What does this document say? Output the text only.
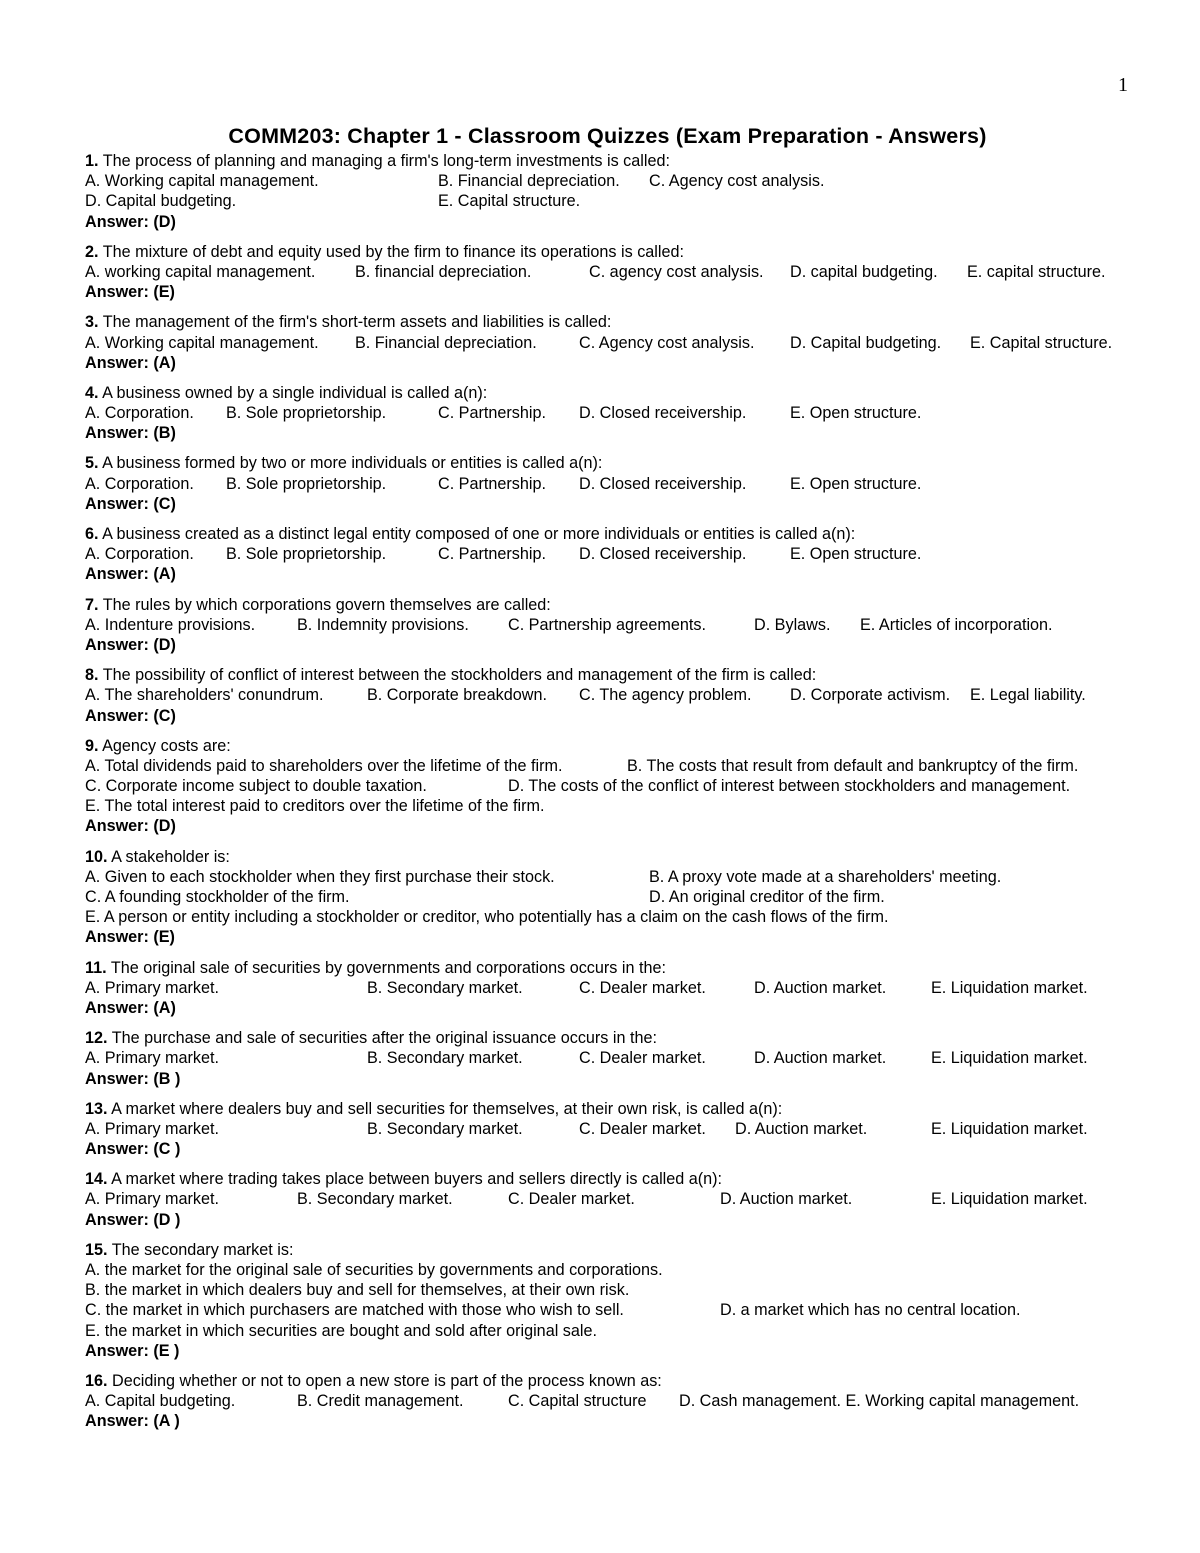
1
COMM203: Chapter 1 - Classroom Quizzes (Exam Preparation - Answers)
1. The process of planning and managing a firm's long-term investments is called:
A. Working capital management.	B. Financial depreciation. C. Agency cost analysis.
D. Capital budgeting.	E. Capital structure.
Answer: (D)
2. The mixture of debt and equity used by the firm to finance its operations is called:
A. working capital management. B. financial depreciation.	C. agency cost analysis. D. capital budgeting. E. capital structure.
Answer: (E)
3. The management of the firm's short-term assets and liabilities is called:
A. Working capital management. B. Financial depreciation.	C. Agency cost analysis. D. Capital budgeting. E. Capital structure.
Answer: (A)
4. A business owned by a single individual is called a(n):
A. Corporation. B. Sole proprietorship.	C. Partnership. D. Closed receivership.	E. Open structure.
Answer: (B)
5. A business formed by two or more individuals or entities is called a(n):
A. Corporation. B. Sole proprietorship.	C. Partnership. D. Closed receivership.	E. Open structure.
Answer: (C)
6. A business created as a distinct legal entity composed of one or more individuals or entities is called a(n):
A. Corporation. B. Sole proprietorship.	C. Partnership. D. Closed receivership.	E. Open structure.
Answer: (A)
7. The rules by which corporations govern themselves are called:
A. Indenture provisions.	B. Indemnity provisions. C. Partnership agreements.	D. Bylaws. E. Articles of incorporation.
Answer: (D)
8. The possibility of conflict of interest between the stockholders and management of the firm is called:
A. The shareholders' conundrum.	B. Corporate breakdown. C. The agency problem. D. Corporate activism. E. Legal liability.
Answer: (C)
9. Agency costs are:
A. Total dividends paid to shareholders over the lifetime of the firm.	B. The costs that result from default and bankruptcy of the firm.
C. Corporate income subject to double taxation.	D. The costs of the conflict of interest between stockholders and management.
E. The total interest paid to creditors over the lifetime of the firm.
Answer: (D)
10. A stakeholder is:
A. Given to each stockholder when they first purchase their stock.	B. A proxy vote made at a shareholders' meeting.
C. A founding stockholder of the firm.	D. An original creditor of the firm.
E. A person or entity including a stockholder or creditor, who potentially has a claim on the cash flows of the firm.
Answer: (E)
11. The original sale of securities by governments and corporations occurs in the:
A. Primary market.	B. Secondary market.	C. Dealer market.	D. Auction market.	E. Liquidation market.
Answer: (A)
12. The purchase and sale of securities after the original issuance occurs in the:
A. Primary market.	B. Secondary market.	C. Dealer market.	D. Auction market.	E. Liquidation market.
Answer: (B )
13. A market where dealers buy and sell securities for themselves, at their own risk, is called a(n):
A. Primary market.	B. Secondary market.	C. Dealer market. D. Auction market.	E. Liquidation market.
Answer: (C )
14. A market where trading takes place between buyers and sellers directly is called a(n):
A. Primary market.	B. Secondary market.	C. Dealer market.	D. Auction market.	E. Liquidation market.
Answer: (D )
15. The secondary market is:
A. the market for the original sale of securities by governments and corporations.
B. the market in which dealers buy and sell for themselves, at their own risk.
C. the market in which purchasers are matched with those who wish to sell.	D. a market which has no central location.
E. the market in which securities are bought and sold after original sale.
Answer: (E )
16. Deciding whether or not to open a new store is part of the process known as:
A. Capital budgeting.	B. Credit management.	C. Capital structure D. Cash management. E. Working capital management.
Answer: (A )
